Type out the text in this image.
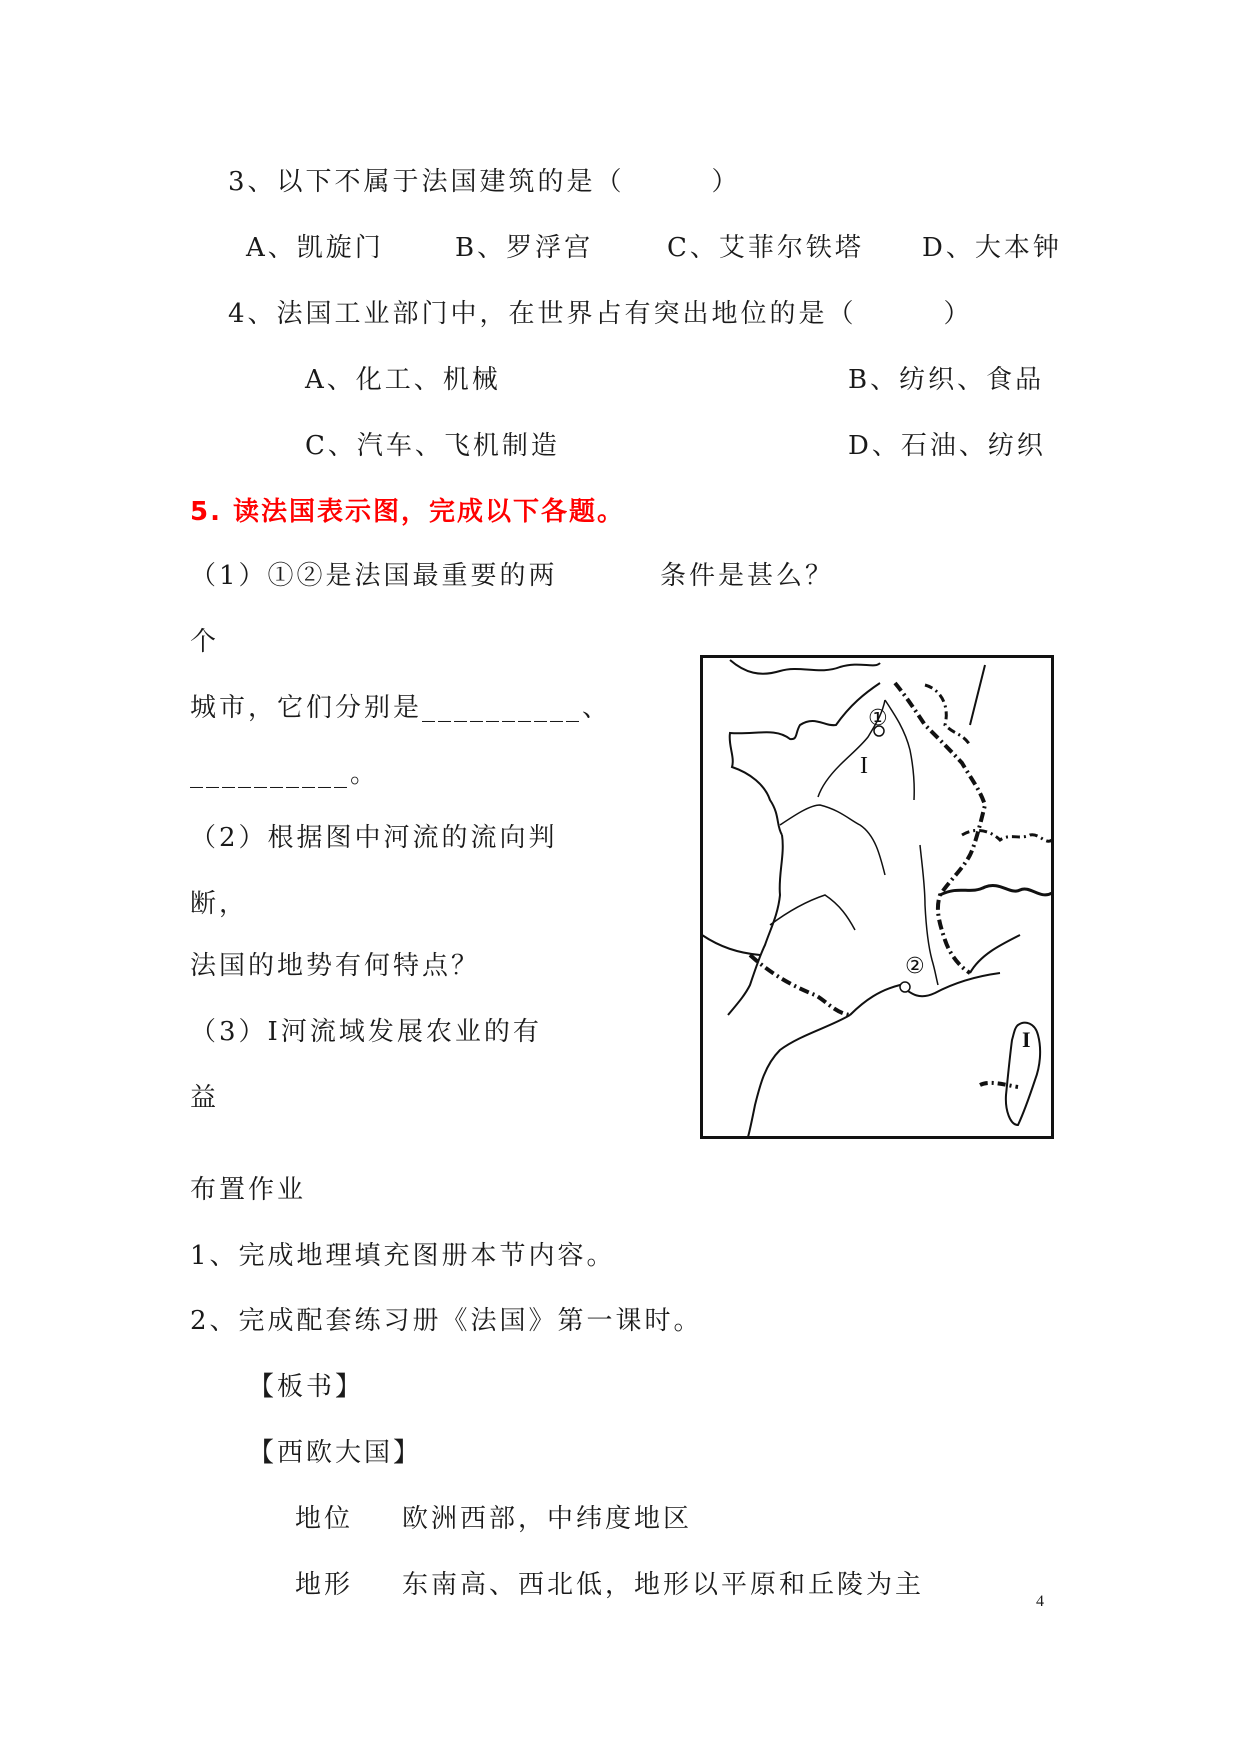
3、以下不属于法国建筑的是（　　　）
A、凯旋门	B、罗浮宫	C、艾菲尔铁塔 D、大本钟
4、法国工业部门中，在世界占有突出地位的是（　　　）
A、化工、机械	B、纺织、食品
C、汽车、飞机制造	D、石油、纺织
5. 读法国表示图，完成以下各题。
（1）①②是法国最重要的两	条件是甚么？
个
城市，它们分别是__________、
__________。
（2）根据图中河流的流向判
断，
法国的地势有何特点？
（3）Ⅰ河流域发展农业的有
益
①
②
I
I
布置作业
1、完成地理填充图册本节内容。
2、完成配套练习册《法国》第一课时。
【板书】
【西欧大国】
地位 欧洲西部，中纬度地区
地形 东南高、西北低，地形以平原和丘陵为主
4
